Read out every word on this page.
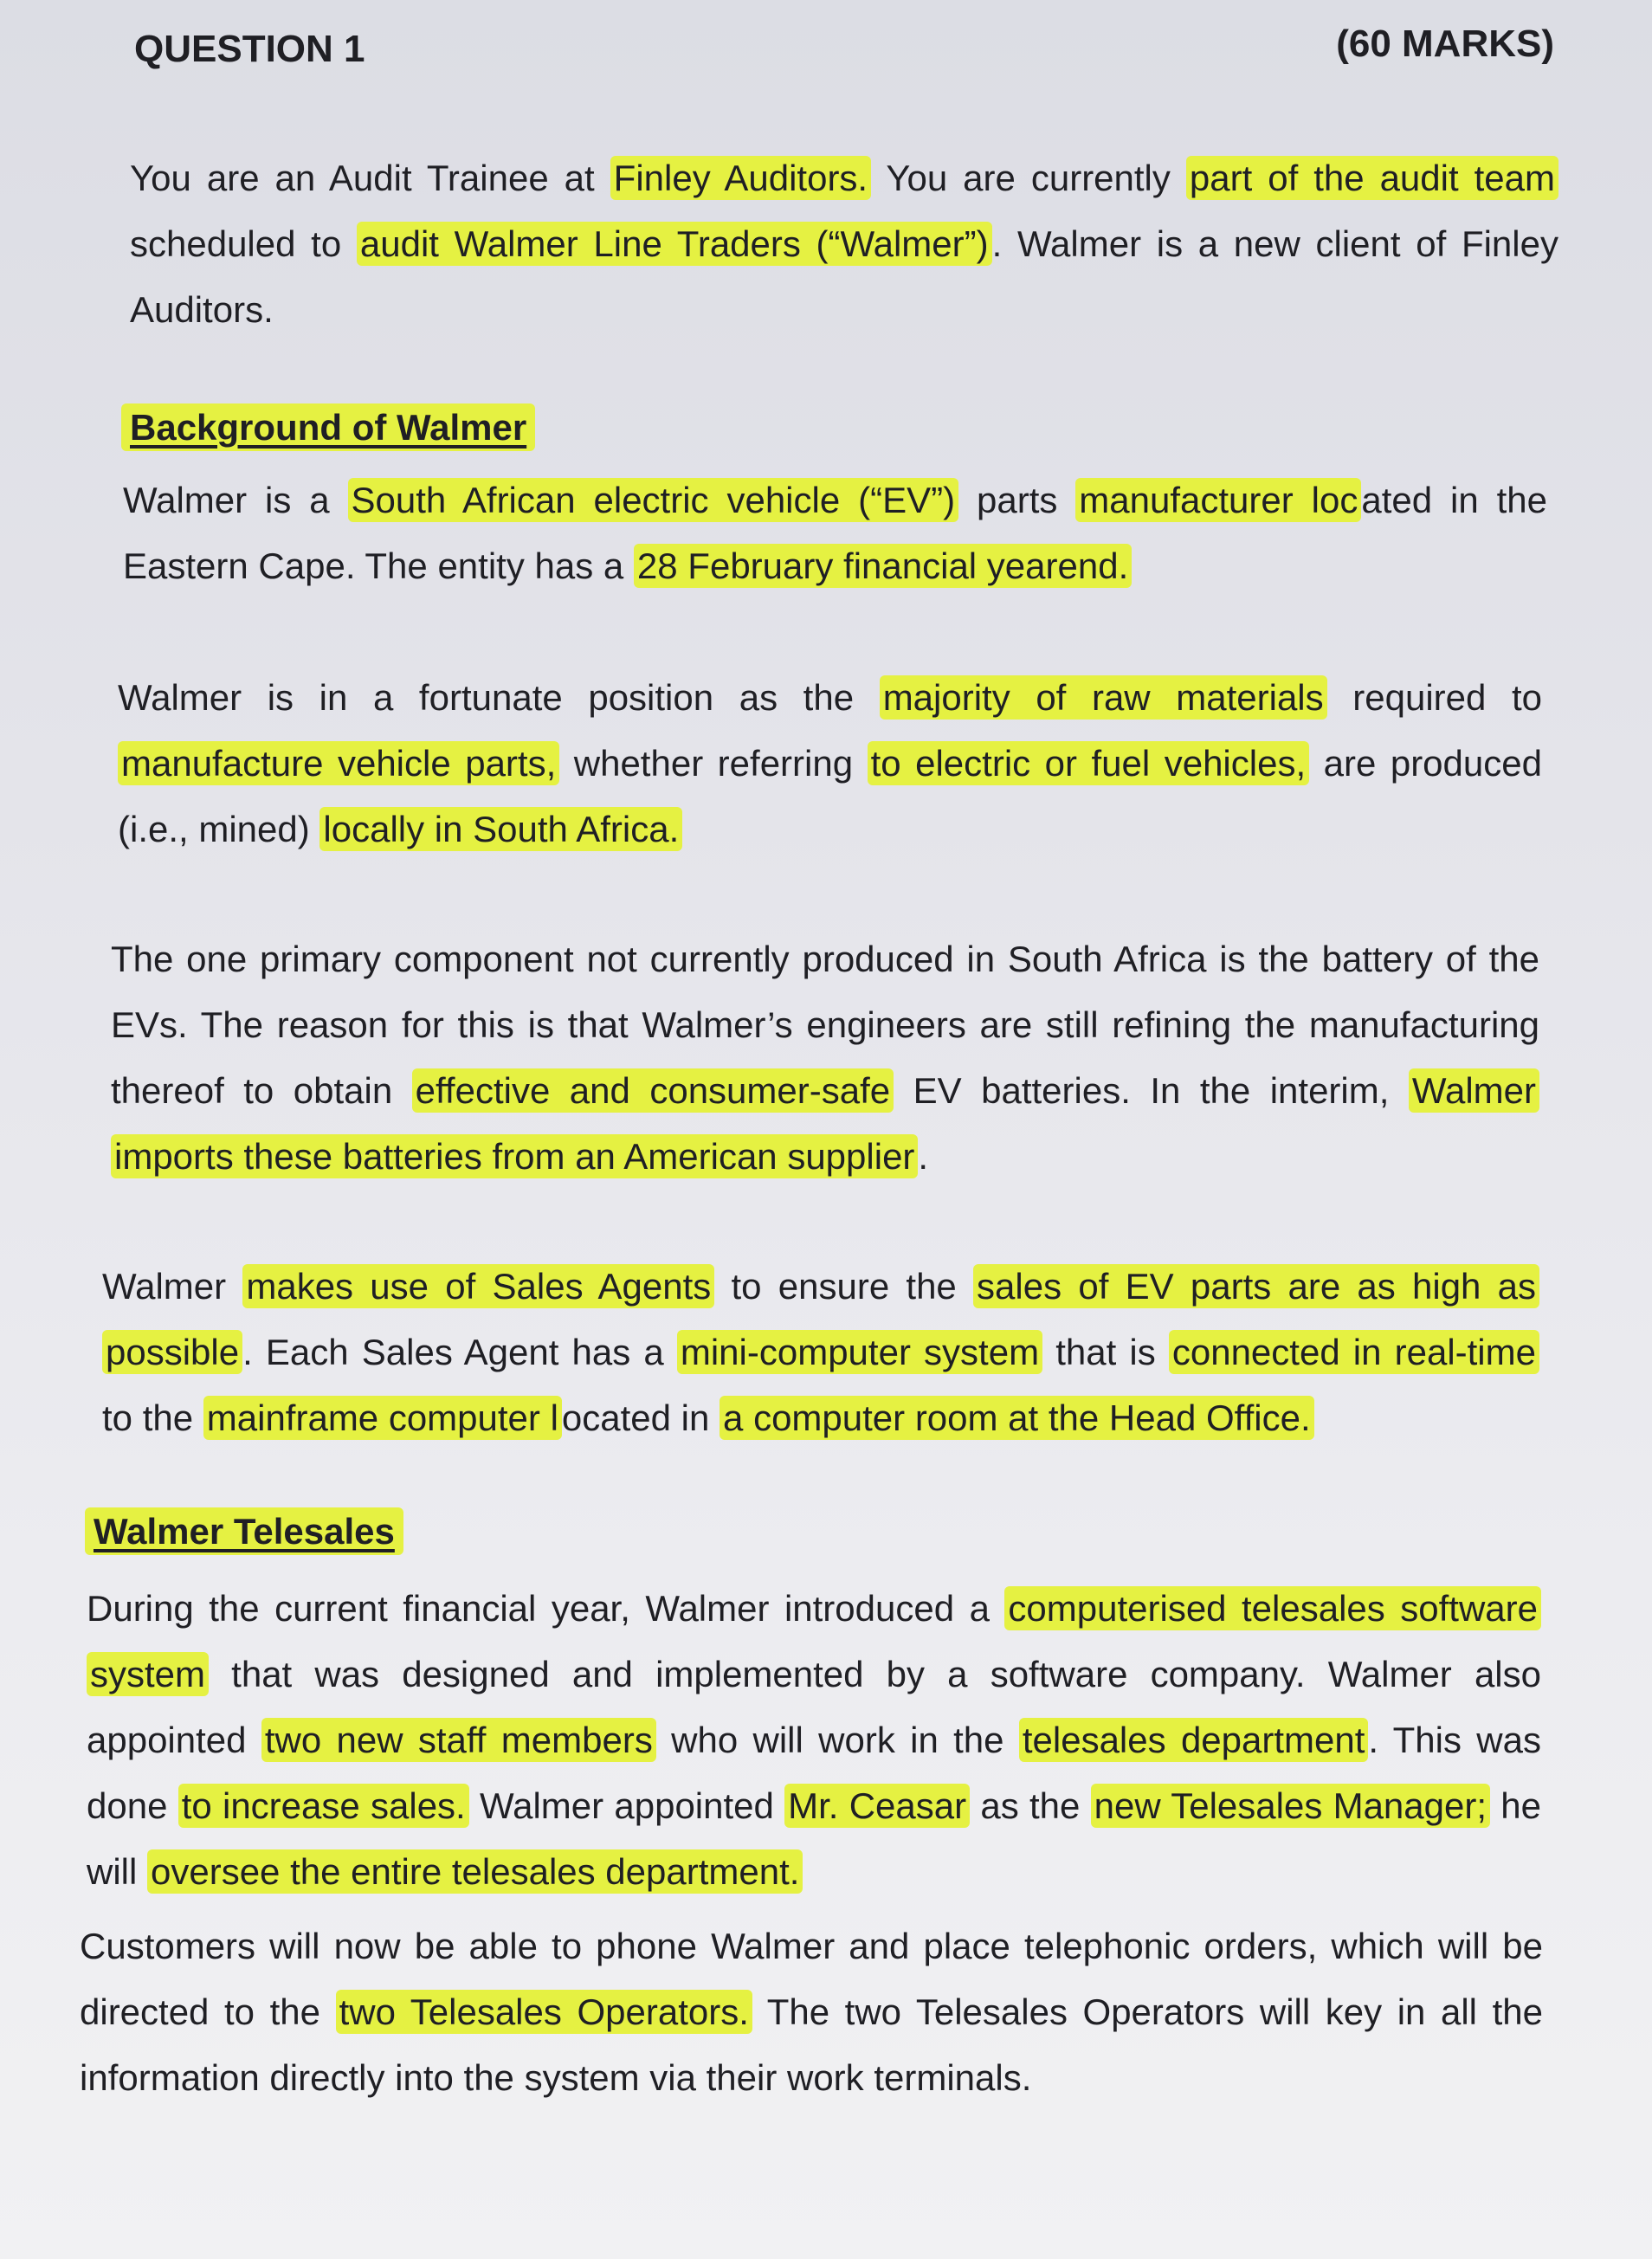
QUESTION 1	(60 MARKS)
You are an Audit Trainee at Finley Auditors. You are currently part of the audit team scheduled to audit Walmer Line Traders (“Walmer”). Walmer is a new client of Finley Auditors.
Background of Walmer
Walmer is a South African electric vehicle (“EV”) parts manufacturer located in the Eastern Cape. The entity has a 28 February financial yearend.
Walmer is in a fortunate position as the majority of raw materials required to manufacture vehicle parts, whether referring to electric or fuel vehicles, are produced (i.e., mined) locally in South Africa.
The one primary component not currently produced in South Africa is the battery of the EVs. The reason for this is that Walmer’s engineers are still refining the manufacturing thereof to obtain effective and consumer-safe EV batteries. In the interim, Walmer imports these batteries from an American supplier.
Walmer makes use of Sales Agents to ensure the sales of EV parts are as high as possible. Each Sales Agent has a mini-computer system that is connected in real-time to the mainframe computer located in a computer room at the Head Office.
Walmer Telesales
During the current financial year, Walmer introduced a computerised telesales software system that was designed and implemented by a software company. Walmer also appointed two new staff members who will work in the telesales department. This was done to increase sales. Walmer appointed Mr. Ceasar as the new Telesales Manager; he will oversee the entire telesales department.
Customers will now be able to phone Walmer and place telephonic orders, which will be directed to the two Telesales Operators. The two Telesales Operators will key in all the information directly into the system via their work terminals.
